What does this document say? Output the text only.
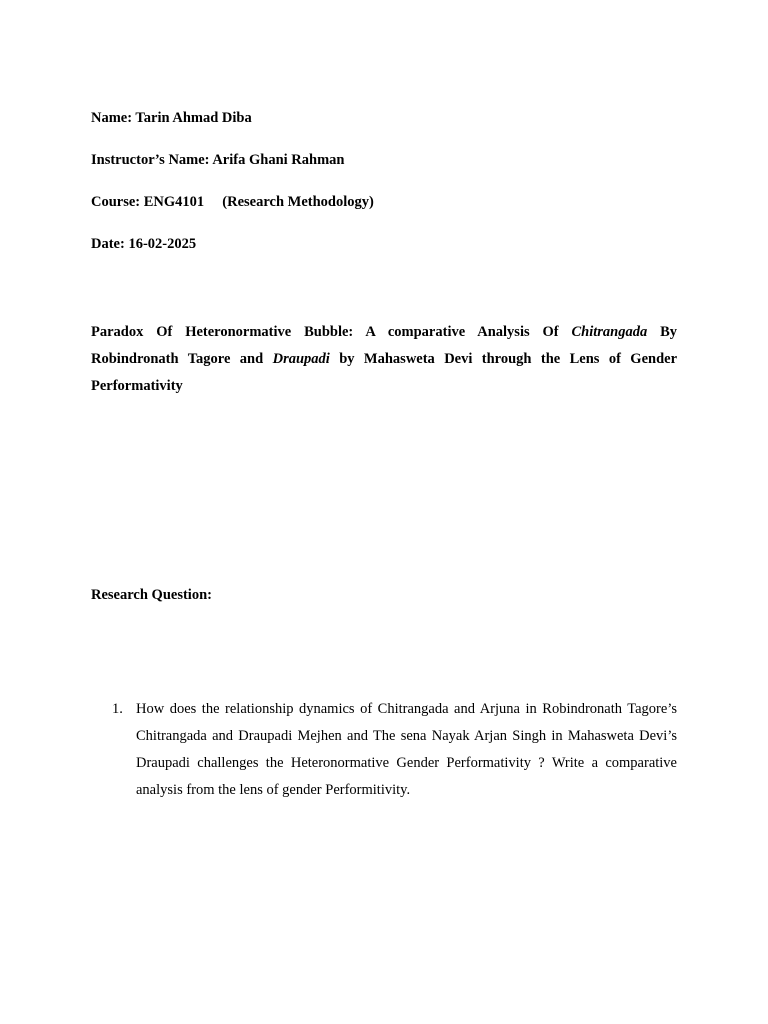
Name: Tarin Ahmad Diba

Instructor’s Name: Arifa Ghani Rahman

Course: ENG4101     (Research Methodology)

Date: 16-02-2025

Paradox Of Heteronormative Bubble: A comparative Analysis Of Chitrangada By Robindronath Tagore and Draupadi by Mahasweta Devi through the Lens of Gender Performativity

Research Question:

1. How does the relationship dynamics of Chitrangada and Arjuna in Robindronath Tagore’s Chitrangada and Draupadi Mejhen and The sena Nayak Arjan Singh in Mahasweta Devi’s Draupadi challenges the Heteronormative Gender Performativity ? Write a comparative analysis from the lens of gender Performitivity.
